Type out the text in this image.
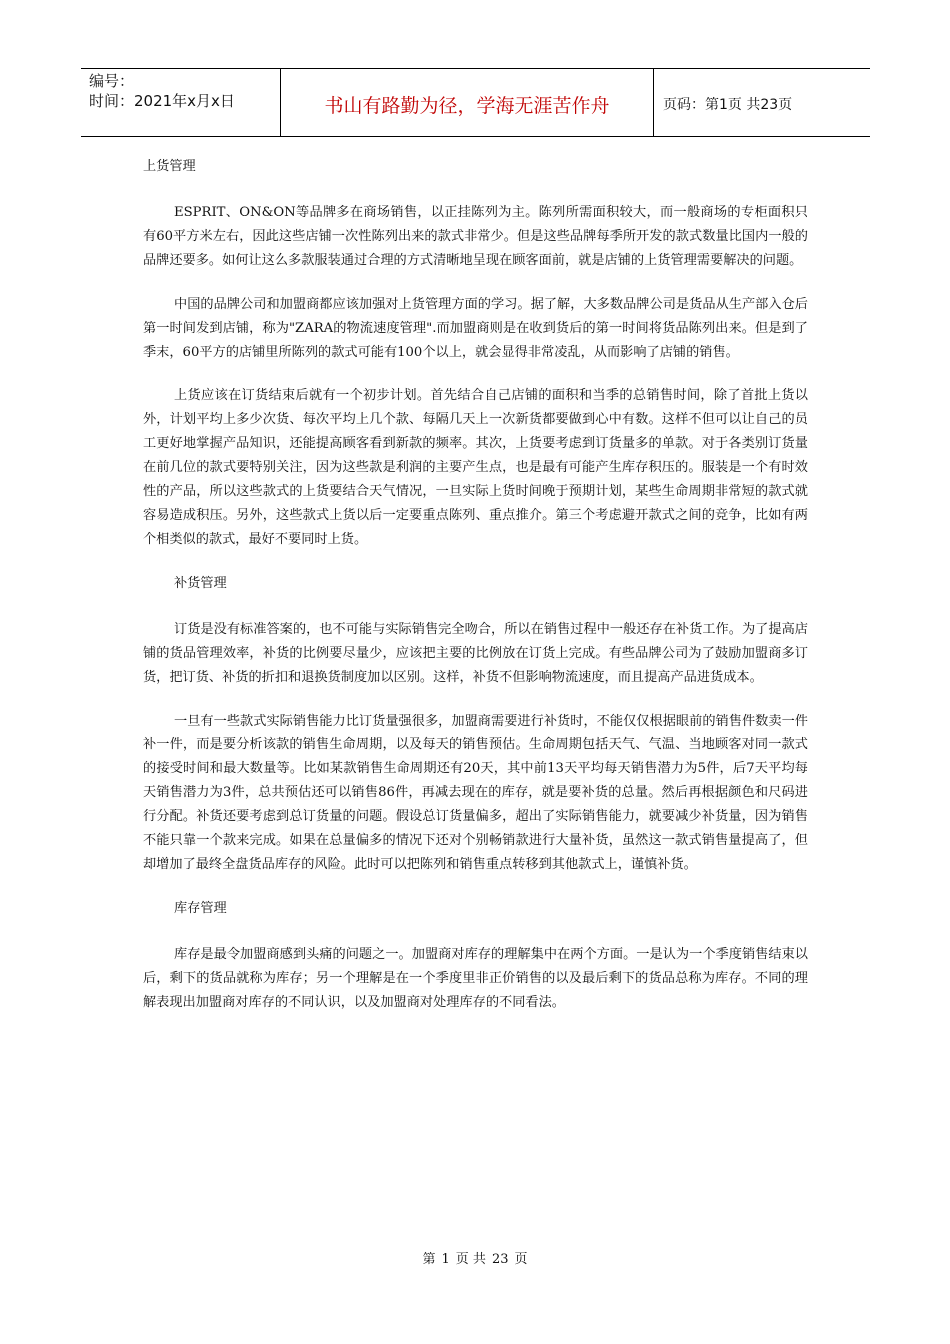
编号：
时间：2021年x月x日	书山有路勤为径，学海无涯苦作舟	页码：第1页 共23页

上货管理

ESPRIT、ON&ON等品牌多在商场销售，以正挂陈列为主。陈列所需面积较大，而一般商场的专柜面积只有60平方米左右，因此这些店铺一次性陈列出来的款式非常少。但是这些品牌每季所开发的款式数量比国内一般的品牌还要多。如何让这么多款服装通过合理的方式清晰地呈现在顾客面前，就是店铺的上货管理需要解决的问题。

中国的品牌公司和加盟商都应该加强对上货管理方面的学习。据了解，大多数品牌公司是货品从生产部入仓后第一时间发到店铺，称为"ZARA的物流速度管理".而加盟商则是在收到货后的第一时间将货品陈列出来。但是到了季末，60平方的店铺里所陈列的款式可能有100个以上，就会显得非常凌乱，从而影响了店铺的销售。

上货应该在订货结束后就有一个初步计划。首先结合自己店铺的面积和当季的总销售时间，除了首批上货以外，计划平均上多少次货、每次平均上几个款、每隔几天上一次新货都要做到心中有数。这样不但可以让自己的员工更好地掌握产品知识，还能提高顾客看到新款的频率。其次，上货要考虑到订货量多的单款。对于各类别订货量在前几位的款式要特别关注，因为这些款是利润的主要产生点，也是最有可能产生库存积压的。服装是一个有时效性的产品，所以这些款式的上货要结合天气情况，一旦实际上货时间晚于预期计划，某些生命周期非常短的款式就容易造成积压。另外，这些款式上货以后一定要重点陈列、重点推介。第三个考虑避开款式之间的竞争，比如有两个相类似的款式，最好不要同时上货。

补货管理

订货是没有标准答案的，也不可能与实际销售完全吻合，所以在销售过程中一般还存在补货工作。为了提高店铺的货品管理效率，补货的比例要尽量少，应该把主要的比例放在订货上完成。有些品牌公司为了鼓励加盟商多订货，把订货、补货的折扣和退换货制度加以区别。这样，补货不但影响物流速度，而且提高产品进货成本。

一旦有一些款式实际销售能力比订货量强很多，加盟商需要进行补货时，不能仅仅根据眼前的销售件数卖一件补一件，而是要分析该款的销售生命周期，以及每天的销售预估。生命周期包括天气、气温、当地顾客对同一款式的接受时间和最大数量等。比如某款销售生命周期还有20天，其中前13天平均每天销售潜力为5件，后7天平均每天销售潜力为3件，总共预估还可以销售86件，再减去现在的库存，就是要补货的总量。然后再根据颜色和尺码进行分配。补货还要考虑到总订货量的问题。假设总订货量偏多，超出了实际销售能力，就要减少补货量，因为销售不能只靠一个款来完成。如果在总量偏多的情况下还对个别畅销款进行大量补货，虽然这一款式销售量提高了，但却增加了最终全盘货品库存的风险。此时可以把陈列和销售重点转移到其他款式上，谨慎补货。

库存管理

库存是最令加盟商感到头痛的问题之一。加盟商对库存的理解集中在两个方面。一是认为一个季度销售结束以后，剩下的货品就称为库存；另一个理解是在一个季度里非正价销售的以及最后剩下的货品总称为库存。不同的理解表现出加盟商对库存的不同认识，以及加盟商对处理库存的不同看法。

第 1 页 共 23 页
